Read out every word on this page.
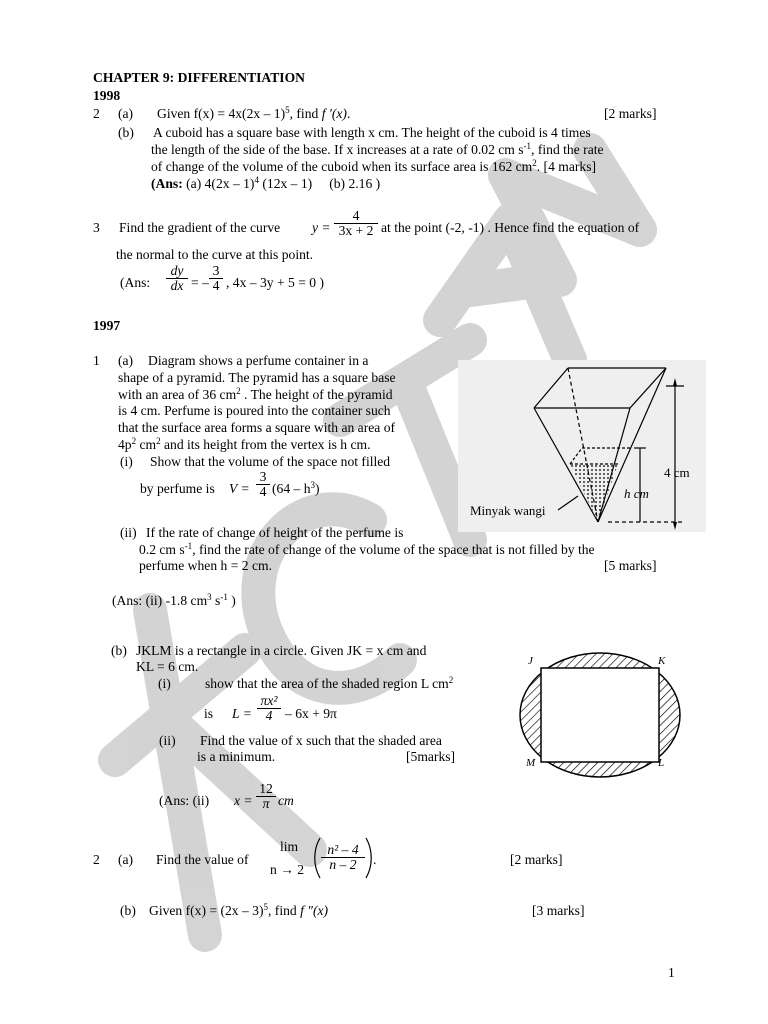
CHAPTER 9: DIFFERENTIATION
1998
2 (a) Given f(x) = 4x(2x – 1)$^5$, find f ′(x).	[2 marks]
(b) A cuboid has a square base with length x cm. The height of the cuboid is 4 times
the length of the side of the base. If x increases at a rate of 0.02 cm $s^{-1}$, find the rate
of change of the volume of the cuboid when its surface area is 162 $cm^2$. [4 marks]
(Ans: (a) 4(2x – 1)$^4$ (12x – 1) (b) 2.16 )
3 Find the gradient of the curve $y = \frac{4}{3x + 2}$ at the point (-2, -1) . Hence find the equation of
the normal to the curve at this point.
(Ans: $\frac{dy}{dx}$ = – $\frac{3}{4}$ , 4x – 3y + 5 = 0 )
1997
1 (a) Diagram shows a perfume container in a
shape of a pyramid. The pyramid has a square base
with an area of 36 $cm^2$ . The height of the pyramid
is 4 cm. Perfume is poured into the container such
that the surface area forms a square with an area of
$4p^2$ $cm^2$ and its height from the vertex is h cm.
(i) Show that the volume of the space not filled
by perfume is $V = \frac{3}{4} (64 - h^3)$
4 cm
h cm
Minyak wangi
(ii) If the rate of change of height of the perfume is
0.2 cm $s^{-1}$, find the rate of change of the volume of the space that is not filled by the
perfume when h = 2 cm.	[5 marks]
(Ans: (ii) -1.8 $cm^3$ $s^{-1}$ )
(b) JKLM is a rectangle in a circle. Given JK = x cm and
KL = 6 cm.
(i)	show that the area of the shaded region L $cm^2$
is $L = \frac{\text{πx²}}{4} - 6x + 9\pi$
(ii) Find the value of x such that the shaded area
is a minimum.	[5marks]
J	K
L
M
(Ans: (ii) $x = \frac{12}{\pi}$ cm
2 (a) Find the value of
lim
$n \to 2 \frac{\text{n² – 4}}{n - 2}$ .	[2 marks]
(b) Given f(x) = (2x – 3)$^5$, find f ″(x)	[3 marks]
1
